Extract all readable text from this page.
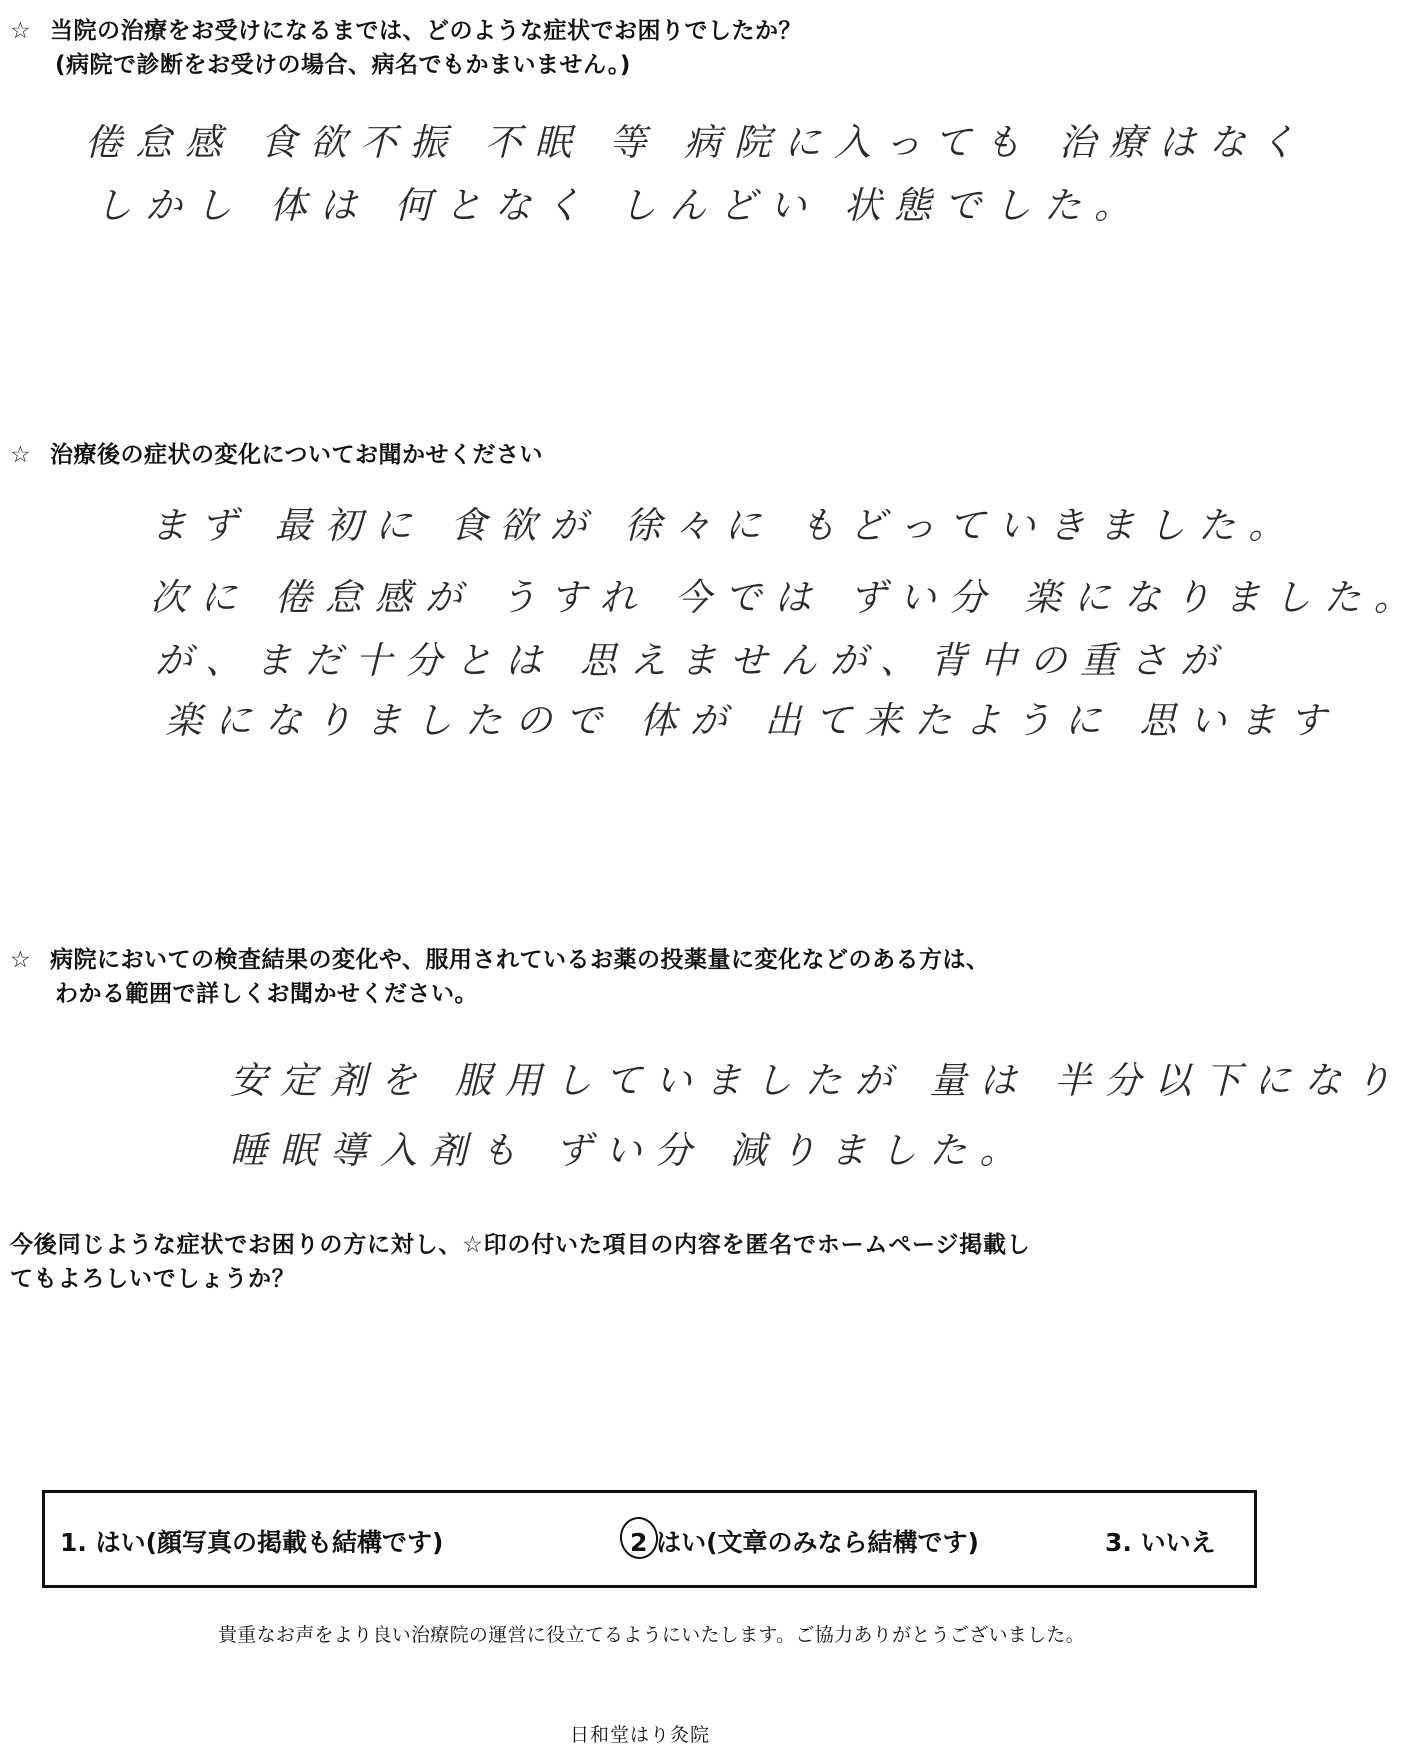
☆ 当院の治療をお受けになるまでは、どのような症状でお困りでしたか？
(病院で診断をお受けの場合、病名でもかまいません。)
倦怠感 食欲不振 不眠 等 病院に入っても 治療はなく
しかし 体は 何となく しんどい 状態でした。
☆ 治療後の症状の変化についてお聞かせください
まず 最初に 食欲が 徐々に もどっていきました。
次に 倦怠感が うすれ 今では ずい分 楽になりました。
が、まだ十分とは 思えませんが、背中の重さが
楽になりましたので 体が 出て来たように 思います
☆ 病院においての検査結果の変化や、服用されているお薬の投薬量に変化などのある方は、
わかる範囲で詳しくお聞かせください。
安定剤を 服用していましたが 量は 半分以下になり
睡眠導入剤も ずい分 減りました。
今後同じような症状でお困りの方に対し、☆印の付いた項目の内容を匿名でホームページ掲載し
てもよろしいでしょうか？
1. はい(顔写真の掲載も結構です)	2 はい(文章のみなら結構です)	3. いいえ
貴重なお声をより良い治療院の運営に役立てるようにいたします。ご協力ありがとうございました。
日和堂はり灸院
